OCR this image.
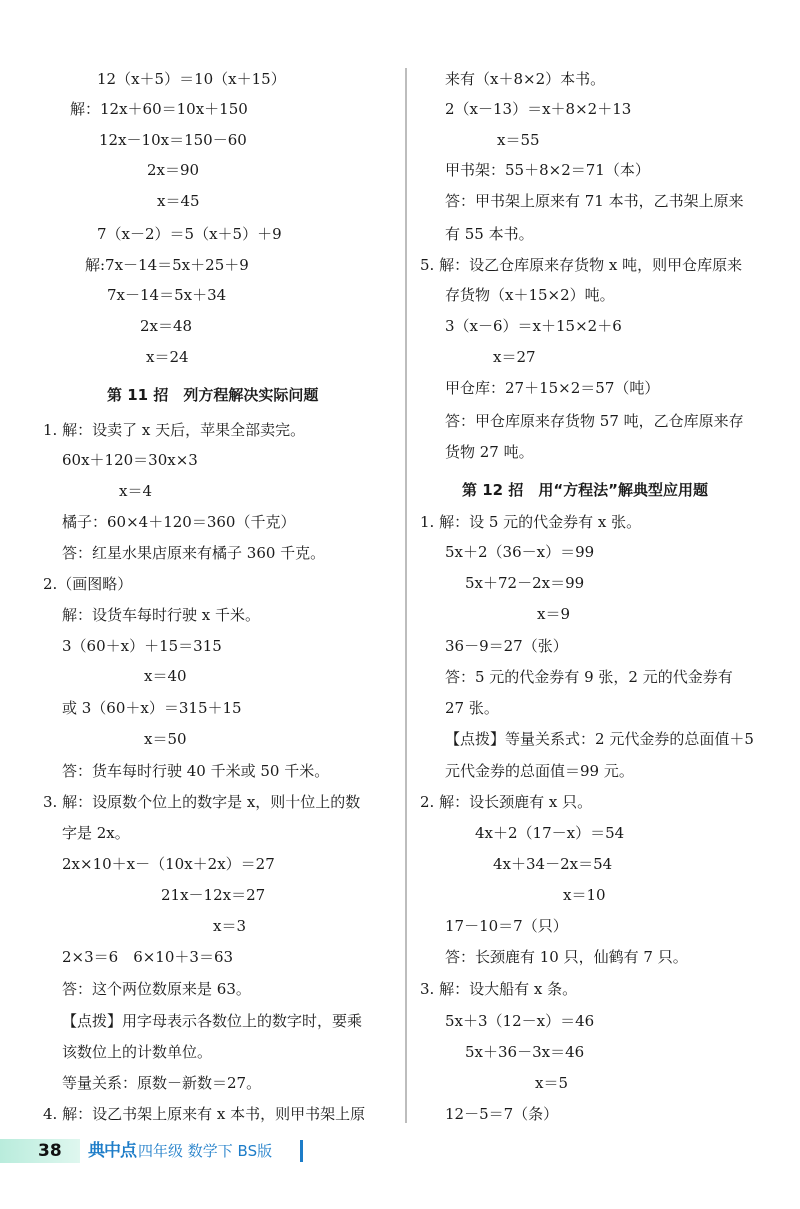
12（x＋5）＝10（x＋15）
解：12x＋60＝10x＋150
12x－10x＝150－60
2x＝90
x＝45
7（x－2）＝5（x＋5）＋9
解:7x－14＝5x＋25＋9
7x－14＝5x＋34
2x＝48
x＝24
第 11 招　列方程解决实际问题
1. 解：设卖了 x 天后，苹果全部卖完。
60x＋120＝30x×3
x＝4
橘子：60×4＋120＝360（千克）
答：红星水果店原来有橘子 360 千克。
2.（画图略）
解：设货车每时行驶 x 千米。
3（60＋x）＋15＝315
x＝40
或 3（60＋x）＝315＋15
x＝50
答：货车每时行驶 40 千米或 50 千米。
3. 解：设原数个位上的数字是 x，则十位上的数
字是 2x。
2x×10＋x－（10x＋2x）＝27
21x－12x＝27
x＝3
2×3＝6　6×10＋3＝63
答：这个两位数原来是 63。
【点拨】用字母表示各数位上的数字时，要乘
该数位上的计数单位。
等量关系：原数－新数＝27。
4. 解：设乙书架上原来有 x 本书，则甲书架上原
来有（x＋8×2）本书。
2（x－13）＝x＋8×2＋13
x＝55
甲书架：55＋8×2＝71（本）
答：甲书架上原来有 71 本书，乙书架上原来
有 55 本书。
5. 解：设乙仓库原来存货物 x 吨，则甲仓库原来
存货物（x＋15×2）吨。
3（x－6）＝x＋15×2＋6
x＝27
甲仓库：27＋15×2＝57（吨）
答：甲仓库原来存货物 57 吨，乙仓库原来存
货物 27 吨。
第 12 招　用“方程法”解典型应用题
1. 解：设 5 元的代金券有 x 张。
5x＋2（36－x）＝99
5x＋72－2x＝99
x＝9
36－9＝27（张）
答：5 元的代金券有 9 张，2 元的代金券有
27 张。
【点拨】等量关系式：2 元代金券的总面值＋5
元代金券的总面值＝99 元。
2. 解：设长颈鹿有 x 只。
4x＋2（17－x）＝54
4x＋34－2x＝54
x＝10
17－10＝7（只）
答：长颈鹿有 10 只，仙鹤有 7 只。
3. 解：设大船有 x 条。
5x＋3（12－x）＝46
5x＋36－3x＝46
x＝5
12－5＝7（条）
38 典中点 四年级 数学下 BS版
